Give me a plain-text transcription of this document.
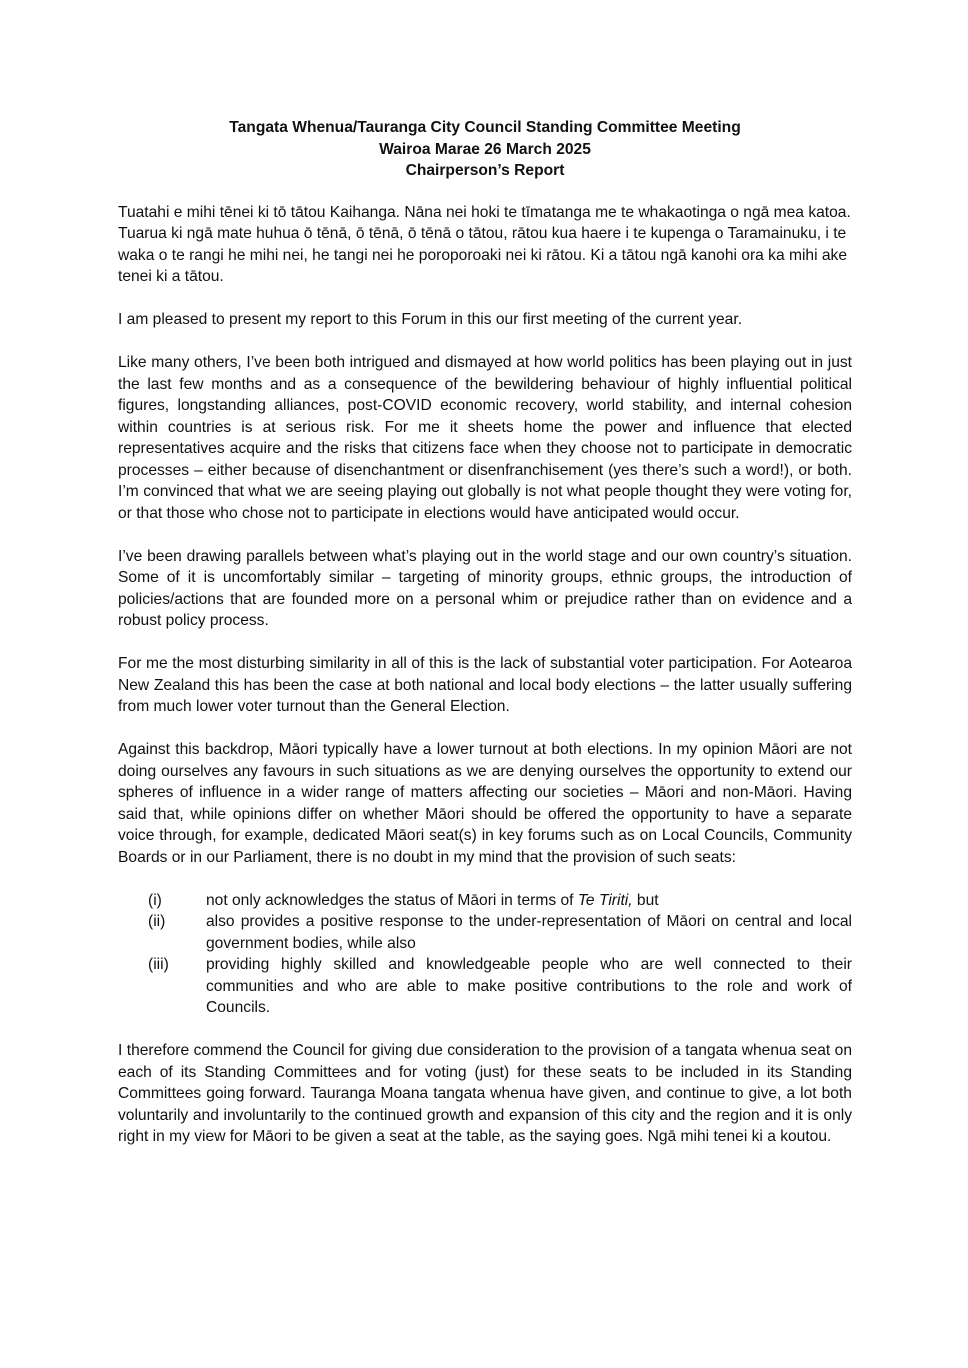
Tangata Whenua/Tauranga City Council Standing Committee Meeting
Wairoa Marae 26 March 2025
Chairperson’s Report

Tuatahi e mihi tēnei ki tō tātou Kaihanga. Nāna nei hoki te tīmatanga me te whakaotinga o ngā mea katoa. Tuarua ki ngā mate huhua ō tēnā, ō tēnā, ō tēnā o tātou, rātou kua haere i te kupenga o Taramainuku, i te waka o te rangi he mihi nei, he tangi nei he poroporoaki nei ki rātou. Ki a tātou ngā kanohi ora ka mihi ake tenei ki a tātou.

I am pleased to present my report to this Forum in this our first meeting of the current year.

Like many others, I’ve been both intrigued and dismayed at how world politics has been playing out in just the last few months and as a consequence of the bewildering behaviour of highly influential political figures, longstanding alliances, post-COVID economic recovery, world stability, and internal cohesion within countries is at serious risk. For me it sheets home the power and influence that elected representatives acquire and the risks that citizens face when they choose not to participate in democratic processes – either because of disenchantment or disenfranchisement (yes there’s such a word!), or both. I’m convinced that what we are seeing playing out globally is not what people thought they were voting for, or that those who chose not to participate in elections would have anticipated would occur.

I’ve been drawing parallels between what’s playing out in the world stage and our own country’s situation. Some of it is uncomfortably similar – targeting of minority groups, ethnic groups, the introduction of policies/actions that are founded more on a personal whim or prejudice rather than on evidence and a robust policy process.

For me the most disturbing similarity in all of this is the lack of substantial voter participation. For Aotearoa New Zealand this has been the case at both national and local body elections – the latter usually suffering from much lower voter turnout than the General Election.

Against this backdrop, Māori typically have a lower turnout at both elections. In my opinion Māori are not doing ourselves any favours in such situations as we are denying ourselves the opportunity to extend our spheres of influence in a wider range of matters affecting our societies – Māori and non-Māori. Having said that, while opinions differ on whether Māori should be offered the opportunity to have a separate voice through, for example, dedicated Māori seat(s) in key forums such as on Local Councils, Community Boards or in our Parliament, there is no doubt in my mind that the provision of such seats:

(i)	not only acknowledges the status of Māori in terms of Te Tiriti, but
(ii)	also provides a positive response to the under-representation of Māori on central and local government bodies, while also
(iii)	providing highly skilled and knowledgeable people who are well connected to their communities and who are able to make positive contributions to the role and work of Councils.

I therefore commend the Council for giving due consideration to the provision of a tangata whenua seat on each of its Standing Committees and for voting (just) for these seats to be included in its Standing Committees going forward. Tauranga Moana tangata whenua have given, and continue to give, a lot both voluntarily and involuntarily to the continued growth and expansion of this city and the region and it is only right in my view for Māori to be given a seat at the table, as the saying goes. Ngā mihi tenei ki a koutou.
